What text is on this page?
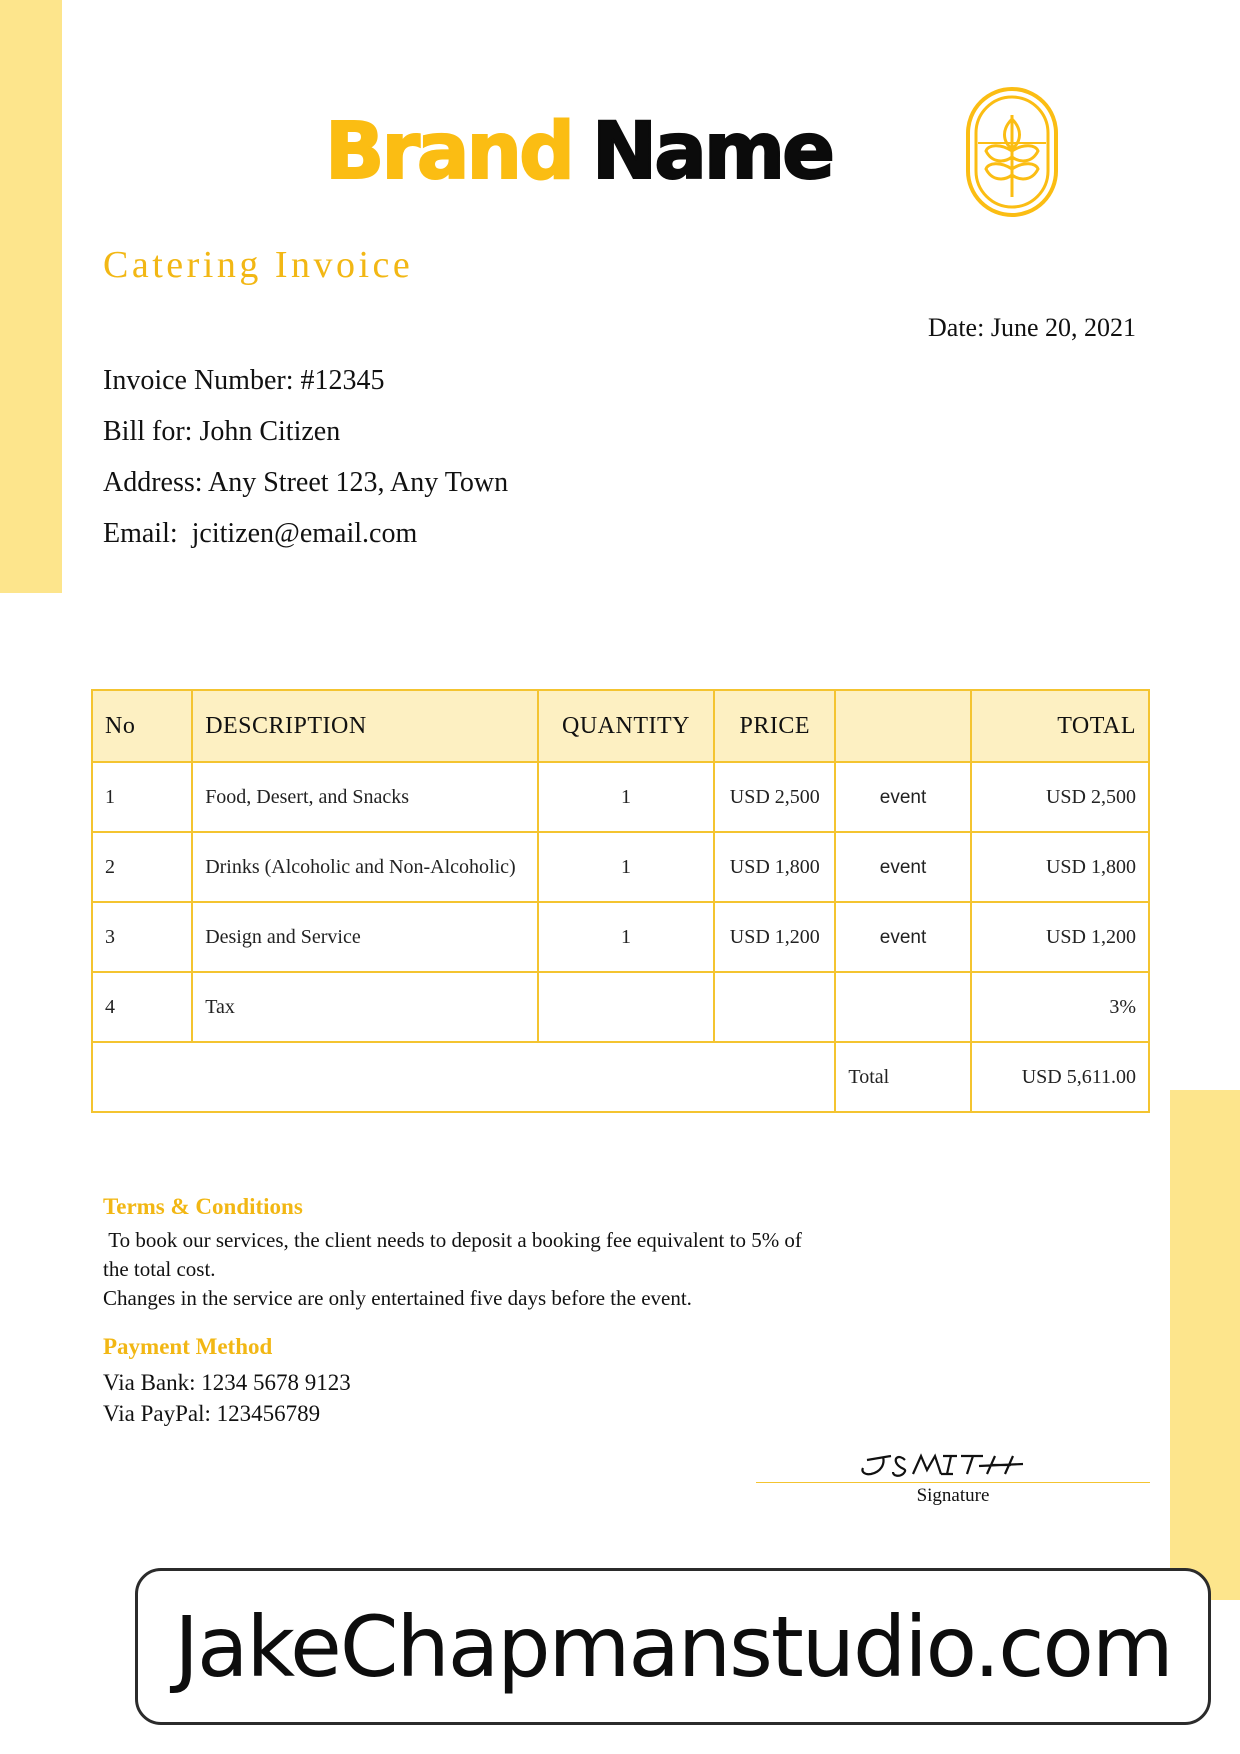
Brand Name
Catering Invoice
Date: June 20, 2021
Invoice Number: #12345
Bill for: John Citizen
Address: Any Street 123, Any Town
Email: jcitizen@email.com
No	DESCRIPTION	QUANTITY	PRICE		TOTAL
1	Food, Desert, and Snacks	1	USD 2,500	event	USD 2,500
2	Drinks (Alcoholic and Non-Alcoholic)	1	USD 1,800	event	USD 1,800
3	Design and Service	1	USD 1,200	event	USD 1,200
4	Tax				3%
				Total	USD 5,611.00
Terms & Conditions

To book our services, the client needs to deposit a booking fee equivalent to 5% of the total cost.

Changes in the service are only entertained five days before the event.

Payment Method

Via Bank: 1234 5678 9123

Via PayPal: 123456789

Signature
JakeChapmanstudio.com
